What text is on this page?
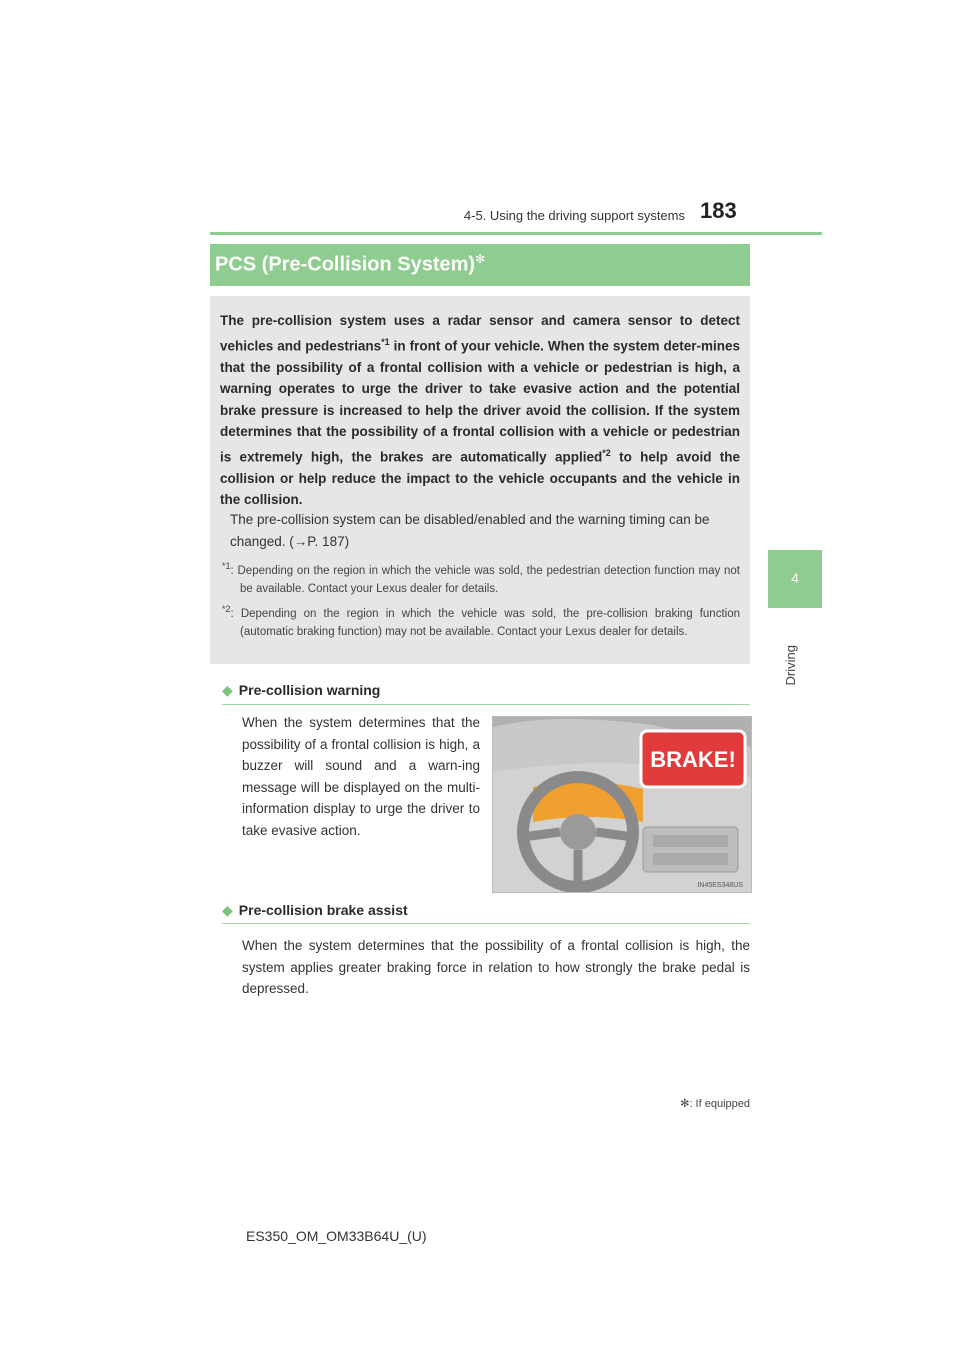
4-5. Using the driving support systems 183
4
Driving
PCS (Pre-Collision System)✻
The pre-collision system uses a radar sensor and camera sensor to detect vehicles and pedestrians$^{*1}$ in front of your vehicle. When the system deter-mines that the possibility of a frontal collision with a vehicle or pedestrian is high, a warning operates to urge the driver to take evasive action and the potential brake pressure is increased to help the driver avoid the collision. If the system determines that the possibility of a frontal collision with a vehicle or pedestrian is extremely high, the brakes are automatically applied$^{*2}$ to help avoid the collision or help reduce the impact to the vehicle occupants and the vehicle in the collision.
The pre-collision system can be disabled/enabled and the warning timing can be changed. (→P. 187)
$^{*1}$: Depending on the region in which the vehicle was sold, the pedestrian detection function may not be available. Contact your Lexus dealer for details.
$^{*2}$: Depending on the region in which the vehicle was sold, the pre-collision braking function (automatic braking function) may not be available. Contact your Lexus dealer for details.
◆ Pre-collision warning
When the system determines that the possibility of a frontal collision is high, a buzzer will sound and a warn-ing message will be displayed on the multi-information display to urge the driver to take evasive action.
BRAKE!
IN45ES348US
◆ Pre-collision brake assist
When the system determines that the possibility of a frontal collision is high, the system applies greater braking force in relation to how strongly the brake pedal is depressed.
✻: If equipped
ES350_OM_OM33B64U_(U)
